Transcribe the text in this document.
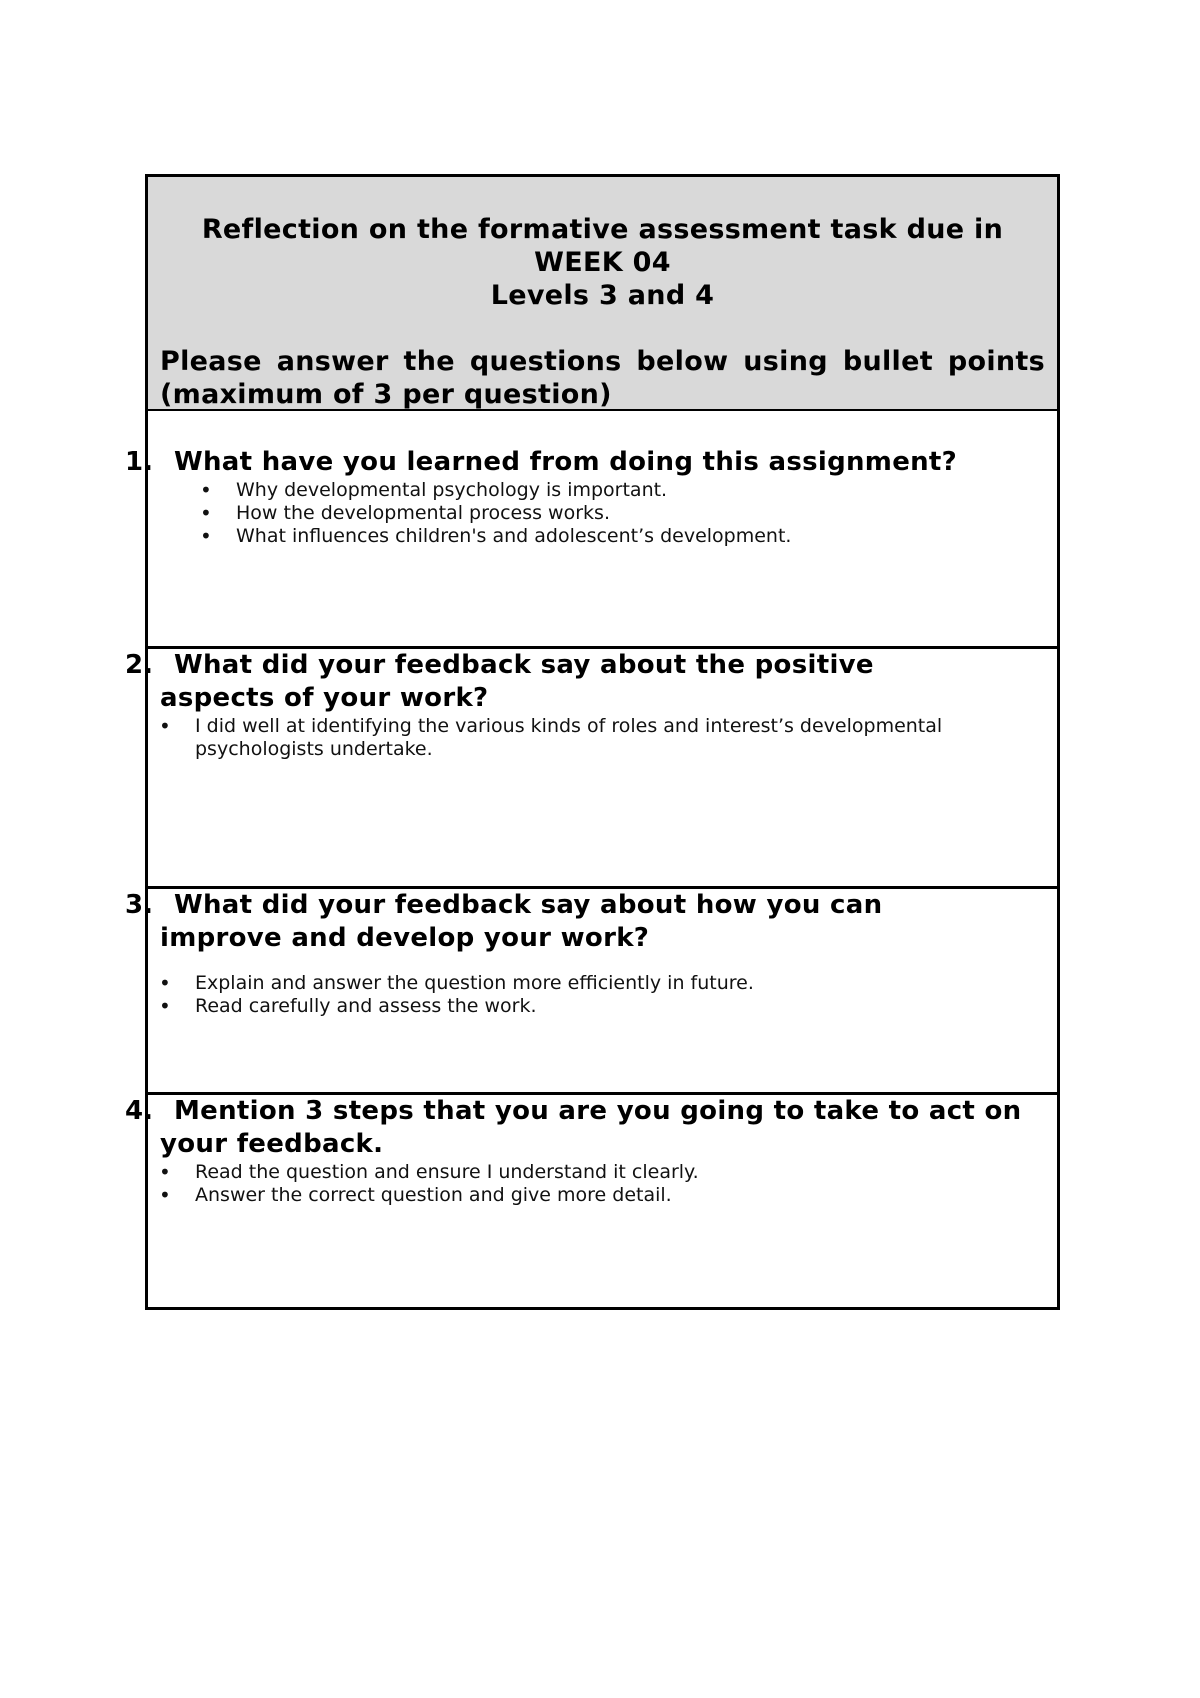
Reflection on the formative assessment task due in
WEEK 04
Levels 3 and 4
Please answer the questions below using bullet points (maximum of 3 per question)
1. What have you learned from doing this assignment?
• Why developmental psychology is important.
• How the developmental process works.
• What influences children's and adolescent’s development.
2. What did your feedback say about the positive aspects of your work?
• I did well at identifying the various kinds of roles and interest’s developmental psychologists undertake.
3. What did your feedback say about how you can improve and develop your work?
• Explain and answer the question more efficiently in future.
• Read carefully and assess the work.
4. Mention 3 steps that you are you going to take to act on your feedback.
• Read the question and ensure I understand it clearly.
• Answer the correct question and give more detail.
